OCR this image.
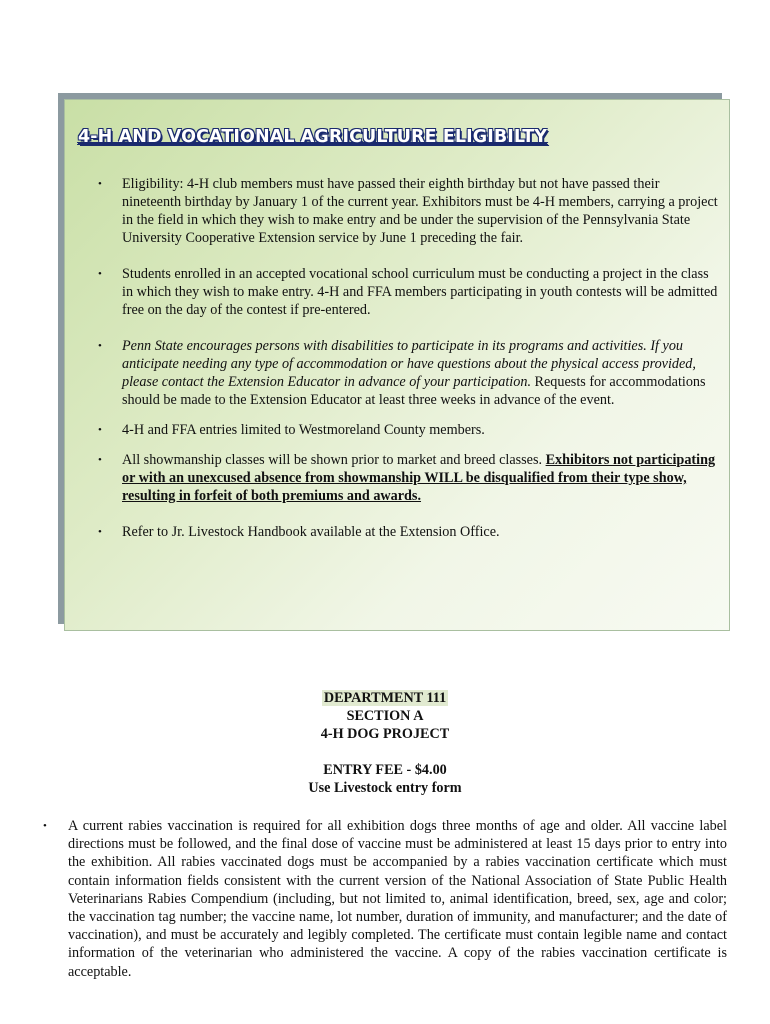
4-H AND VOCATIONAL AGRICULTURE ELIGIBILTY
• Eligibility: 4-H club members must have passed their eighth birthday but not have passed their nineteenth birthday by January 1 of the current year. Exhibitors must be 4-H members, carrying a project in the field in which they wish to make entry and be under the supervision of the Pennsylvania State University Cooperative Extension service by June 1 preceding the fair.
• Students enrolled in an accepted vocational school curriculum must be conducting a project in the class in which they wish to make entry. 4-H and FFA members participating in youth contests will be admitted free on the day of the contest if pre-entered.
• Penn State encourages persons with disabilities to participate in its programs and activities. If you anticipate needing any type of accommodation or have questions about the physical access provided, please contact the Extension Educator in advance of your participation. Requests for accommodations should be made to the Extension Educator at least three weeks in advance of the event.
• 4-H and FFA entries limited to Westmoreland County members.
• All showmanship classes will be shown prior to market and breed classes. Exhibitors not participating or with an unexcused absence from showmanship WILL be disqualified from their type show, resulting in forfeit of both premiums and awards.
• Refer to Jr. Livestock Handbook available at the Extension Office.
DEPARTMENT 111
SECTION A
4-H DOG PROJECT
ENTRY FEE - $4.00
Use Livestock entry form
• A current rabies vaccination is required for all exhibition dogs three months of age and older. All vaccine label directions must be followed, and the final dose of vaccine must be administered at least 15 days prior to entry into the exhibition. All rabies vaccinated dogs must be accompanied by a rabies vaccination certificate which must contain information fields consistent with the current version of the National Association of State Public Health Veterinarians Rabies Compendium (including, but not limited to, animal identification, breed, sex, age and color; the vaccination tag number; the vaccine name, lot number, duration of immunity, and manufacturer; and the date of vaccination), and must be accurately and legibly completed. The certificate must contain legible name and contact information of the veterinarian who administered the vaccine. A copy of the rabies vaccination certificate is acceptable.
